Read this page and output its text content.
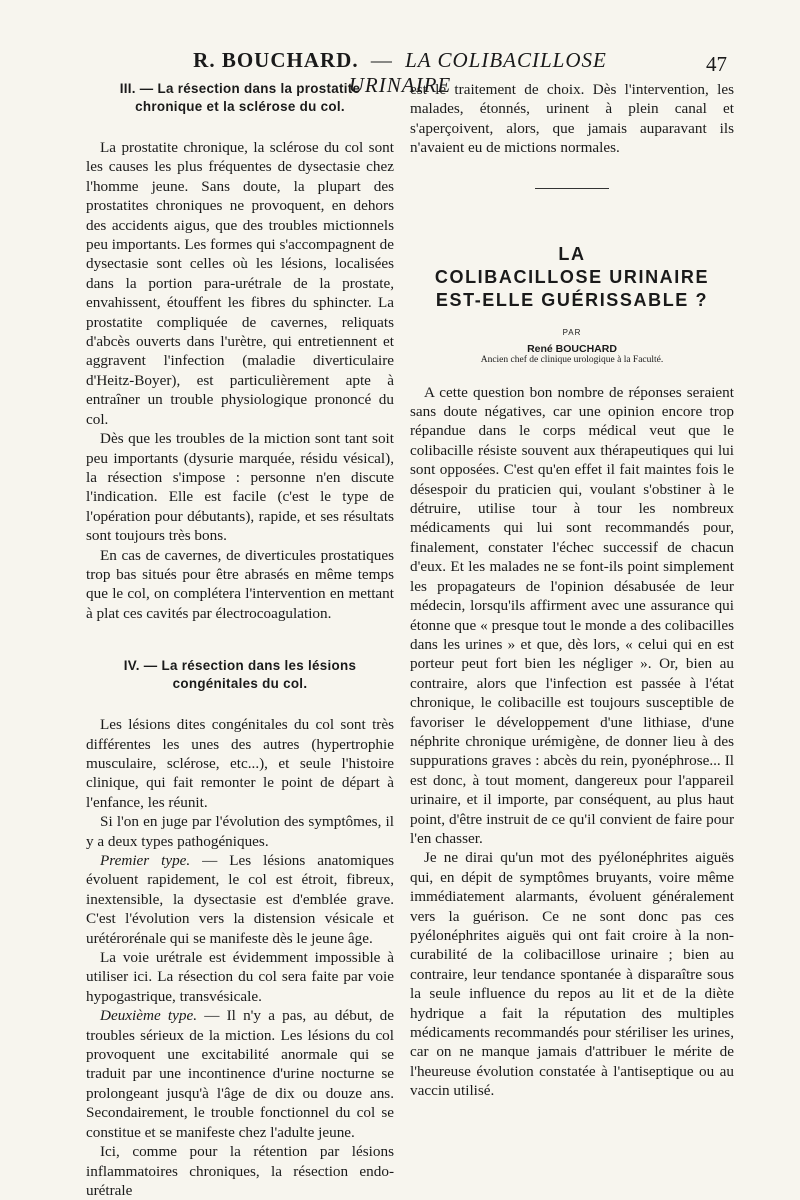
R. BOUCHARD. — LA COLIBACILLOSE URINAIRE
47
III. — La résection dans la prostatite
chronique et la sclérose du col.

La prostatite chronique, la sclérose du col sont les causes les plus fréquentes de dysectasie chez l'homme jeune. Sans doute, la plupart des prostatites chroniques ne provoquent, en dehors des accidents aigus, que des troubles mictionnels peu importants. Les formes qui s'accompagnent de dysectasie sont celles où les lésions, localisées dans la portion para-urétrale de la prostate, envahissent, étouffent les fibres du sphincter. La prostatite compliquée de cavernes, reliquats d'abcès ouverts dans l'urètre, qui entretiennent et aggravent l'infection (maladie diverticulaire d'Heitz-Boyer), est particulièrement apte à entraîner un trouble physiologique prononcé du col.

Dès que les troubles de la miction sont tant soit peu importants (dysurie marquée, résidu vésical), la résection s'impose : personne n'en discute l'indication. Elle est facile (c'est le type de l'opération pour débutants), rapide, et ses résultats sont toujours très bons.

En cas de cavernes, de diverticules prostatiques trop bas situés pour être abrasés en même temps que le col, on complétera l'intervention en mettant à plat ces cavités par électrocoagulation.

IV. — La résection dans les lésions
congénitales du col.

Les lésions dites congénitales du col sont très différentes les unes des autres (hypertrophie musculaire, sclérose, etc...), et seule l'histoire clinique, qui fait remonter le point de départ à l'enfance, les réunit.

Si l'on en juge par l'évolution des symptômes, il y a deux types pathogéniques.

Premier type. — Les lésions anatomiques évoluent rapidement, le col est étroit, fibreux, inextensible, la dysectasie est d'emblée grave. C'est l'évolution vers la distension vésicale et urétérorénale qui se manifeste dès le jeune âge.

La voie urétrale est évidemment impossible à utiliser ici. La résection du col sera faite par voie hypogastrique, transvésicale.

Deuxième type. — Il n'y a pas, au début, de troubles sérieux de la miction. Les lésions du col provoquent une excitabilité anormale qui se traduit par une incontinence d'urine nocturne se prolongeant jusqu'à l'âge de dix ou douze ans. Secondairement, le trouble fonctionnel du col se constitue et se manifeste chez l'adulte jeune.

Ici, comme pour la rétention par lésions inflammatoires chroniques, la résection endo-urétrale

est le traitement de choix. Dès l'intervention, les malades, étonnés, urinent à plein canal et s'aperçoivent, alors, que jamais auparavant ils n'avaient eu de mictions normales.

LA
COLIBACILLOSE URINAIRE
EST-ELLE GUÉRISSABLE ?
PAR
René BOUCHARD
Ancien chef de clinique urologique à la Faculté.

A cette question bon nombre de réponses seraient sans doute négatives, car une opinion encore trop répandue dans le corps médical veut que le colibacille résiste souvent aux thérapeutiques qui lui sont opposées. C'est qu'en effet il fait maintes fois le désespoir du praticien qui, voulant s'obstiner à le détruire, utilise tour à tour les nombreux médicaments qui lui sont recommandés pour, finalement, constater l'échec successif de chacun d'eux. Et les malades ne se font-ils point simplement les propagateurs de l'opinion désabusée de leur médecin, lorsqu'ils affirment avec une assurance qui étonne que « presque tout le monde a des colibacilles dans les urines » et que, dès lors, « celui qui en est porteur peut fort bien les négliger ». Or, bien au contraire, alors que l'infection est passée à l'état chronique, le colibacille est toujours susceptible de favoriser le développement d'une lithiase, d'une néphrite chronique urémigène, de donner lieu à des suppurations graves : abcès du rein, pyonéphrose... Il est donc, à tout moment, dangereux pour l'appareil urinaire, et il importe, par conséquent, au plus haut point, d'être instruit de ce qu'il convient de faire pour l'en chasser.

Je ne dirai qu'un mot des pyélonéphrites aiguës qui, en dépit de symptômes bruyants, voire même immédiatement alarmants, évoluent généralement vers la guérison. Ce ne sont donc pas ces pyélonéphrites aiguës qui ont fait croire à la non-curabilité de la colibacillose urinaire ; bien au contraire, leur tendance spontanée à disparaître sous la seule influence du repos au lit et de la diète hydrique a fait la réputation des multiples médicaments recommandés pour stériliser les urines, car on ne manque jamais d'attribuer le mérite de l'heureuse évolution constatée à l'antiseptique ou au vaccin utilisé.
